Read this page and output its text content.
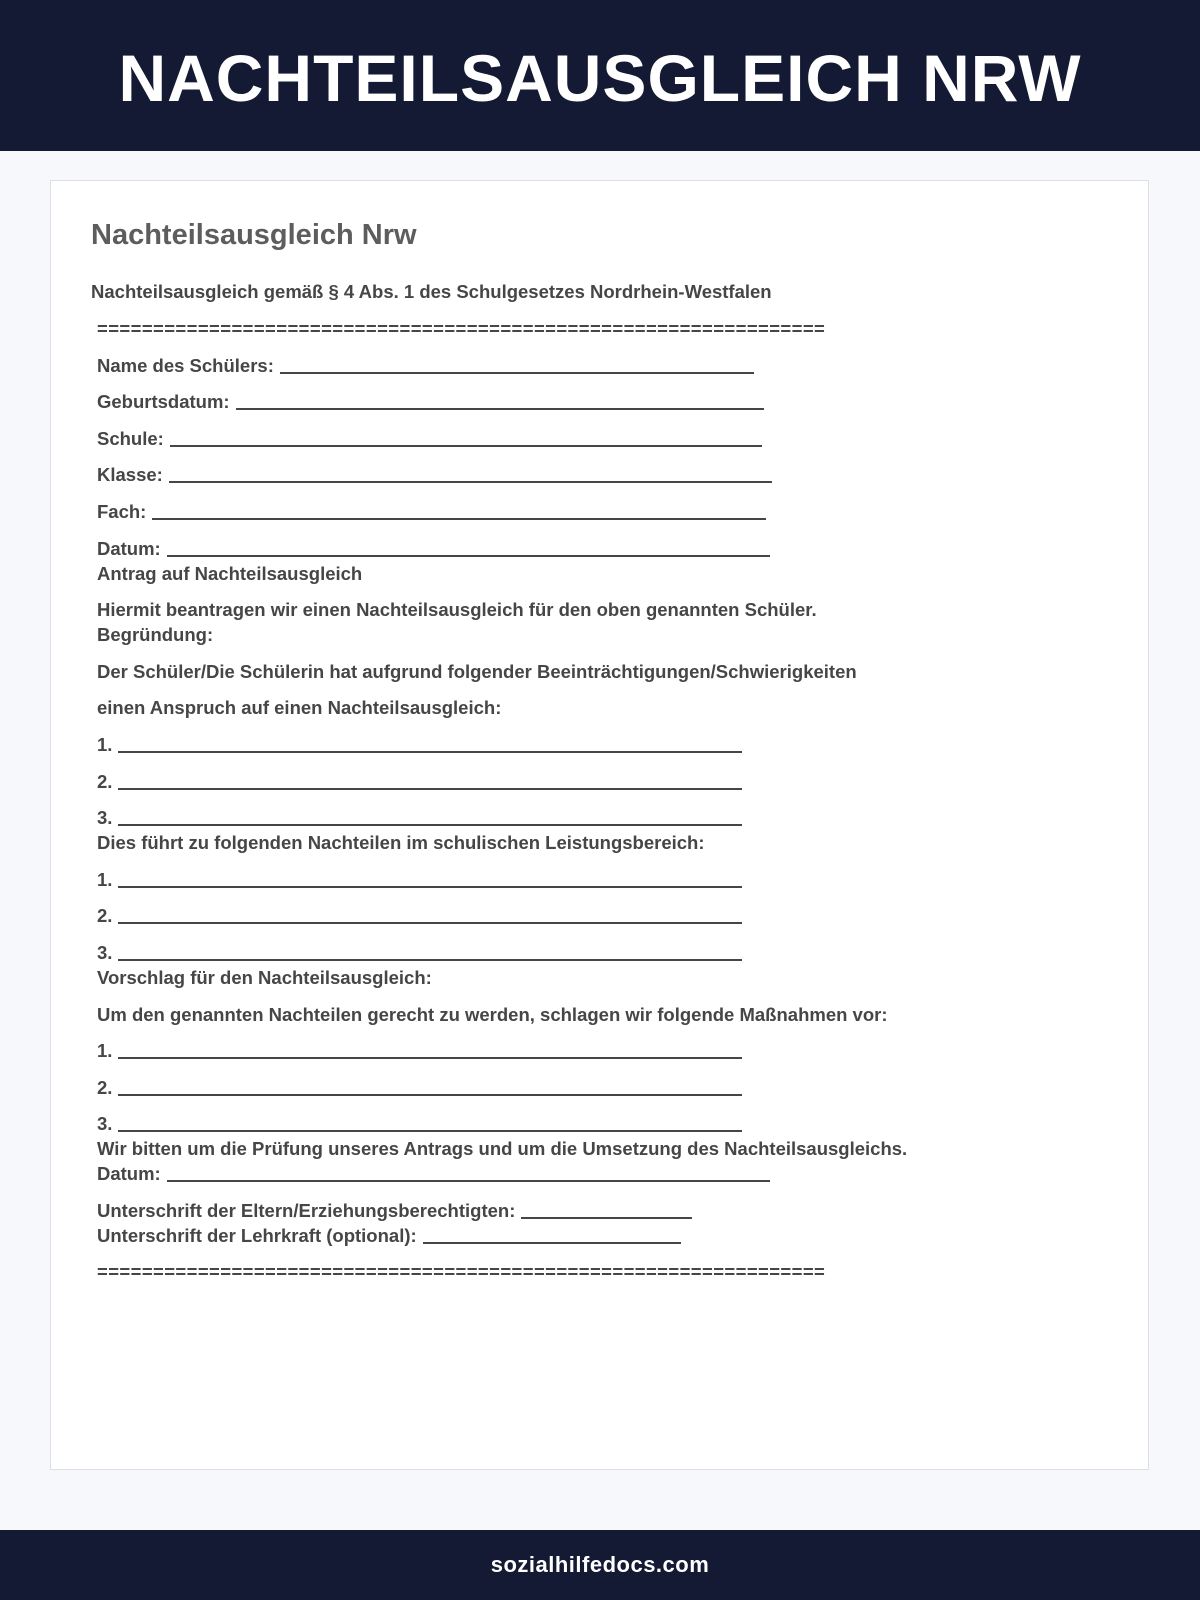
NACHTEILSAUSGLEICH NRW
Nachteilsausgleich Nrw

Nachteilsausgleich gemäß § 4 Abs. 1 des Schulgesetzes Nordrhein-Westfalen

=================================================================
Name des Schülers:
Geburtsdatum:
Schule:
Klasse:
Fach:
Datum:
Antrag auf Nachteilsausgleich
Hiermit beantragen wir einen Nachteilsausgleich für den oben genannten Schüler.
Begründung:
Der Schüler/Die Schülerin hat aufgrund folgender Beeinträchtigungen/Schwierigkeiten
einen Anspruch auf einen Nachteilsausgleich:
1.
2.
3.
Dies führt zu folgenden Nachteilen im schulischen Leistungsbereich:
1.
2.
3.
Vorschlag für den Nachteilsausgleich:
Um den genannten Nachteilen gerecht zu werden, schlagen wir folgende Maßnahmen vor:
1.
2.
3.
Wir bitten um die Prüfung unseres Antrags und um die Umsetzung des Nachteilsausgleichs.
Datum:
Unterschrift der Eltern/Erziehungsberechtigten:
Unterschrift der Lehrkraft (optional):
=================================================================
sozialhilfedocs.com
